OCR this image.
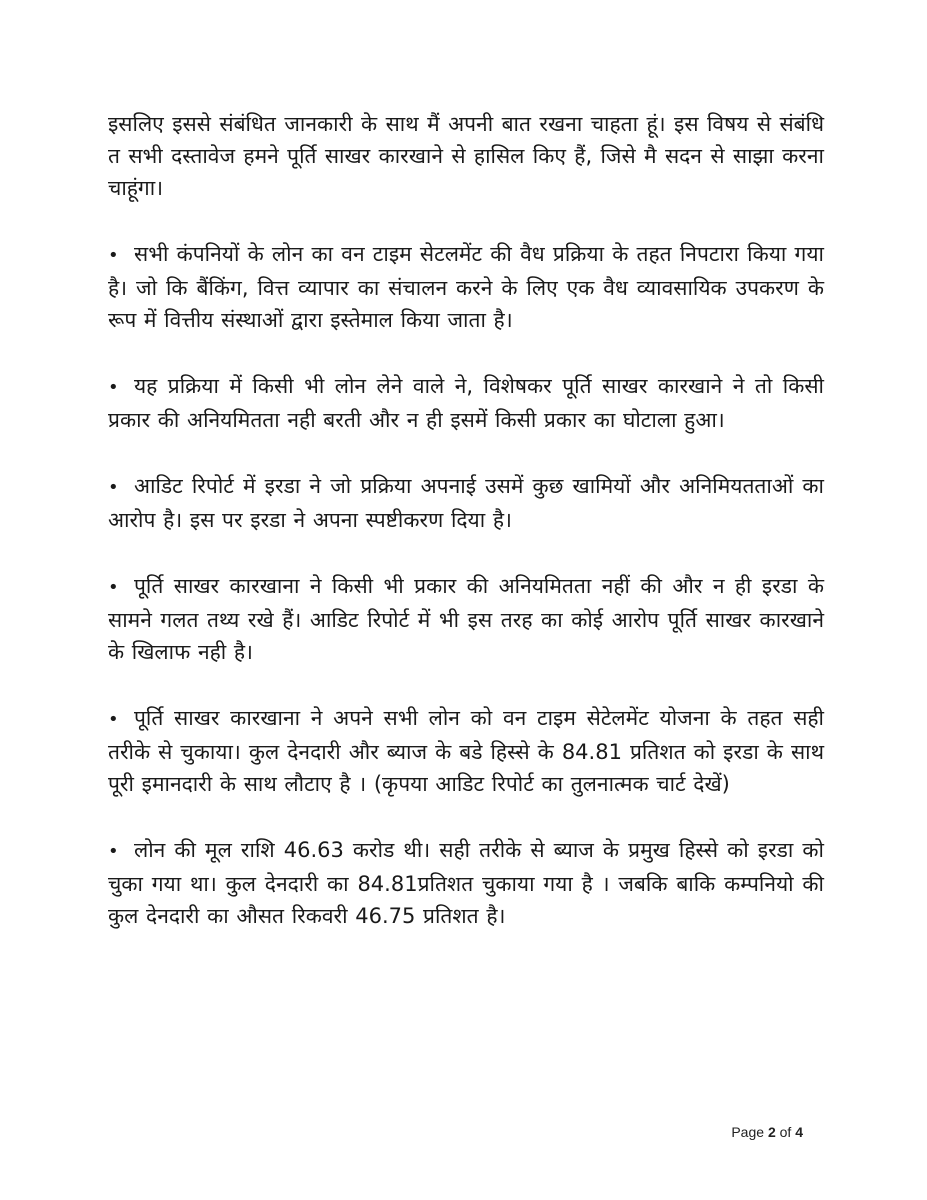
इसलिए इससे संबंधित जानकारी के साथ मैं अपनी बात रखना चाहता हूं। इस विषय से संबंधि त सभी दस्तावेज हमने पूर्ति साखर कारखाने से हासिल किए हैं, जिसे मै सदन से साझा करना चाहूंगा।

• सभी कंपनियों के लोन का वन टाइम सेटलमेंट की वैध प्रक्रिया के तहत निपटारा किया गया है। जो कि बैंकिंग, वित्त व्यापार का संचालन करने के लिए एक वैध व्यावसायिक उपकरण के रूप में वित्तीय संस्थाओं द्वारा इस्तेमाल किया जाता है।

• यह प्रक्रिया में किसी भी लोन लेने वाले ने, विशेषकर पूर्ति साखर कारखाने ने तो किसी प्रकार की अनियमितता नही बरती और न ही इसमें किसी प्रकार का घोटाला हुआ।

• आडिट रिपोर्ट में इरडा ने जो प्रक्रिया अपनाई उसमें कुछ खामियों और अनिमियतताओं का आरोप है। इस पर इरडा ने अपना स्पष्टीकरण दिया है।

• पूर्ति साखर कारखाना ने किसी भी प्रकार की अनियमितता नहीं की और न ही इरडा के सामने गलत तथ्य रखे हैं। आडिट रिपोर्ट में भी इस तरह का कोई आरोप पूर्ति साखर कारखाने के खिलाफ नही है।

• पूर्ति साखर कारखाना ने अपने सभी लोन को वन टाइम सेटेलमेंट योजना के तहत सही तरीके से चुकाया। कुल देनदारी और ब्याज के बडे हिस्से के 84.81 प्रतिशत को इरडा के साथ पूरी इमानदारी के साथ लौटाए है । (कृपया आडिट रिपोर्ट का तुलनात्मक चार्ट देखें)

• लोन की मूल राशि 46.63 करोड थी। सही तरीके से ब्याज के प्रमुख हिस्से को इरडा को चुका गया था। कुल देनदारी का 84.81प्रतिशत चुकाया गया है । जबकि बाकि कम्पनियो की कुल देनदारी का औसत रिकवरी 46.75 प्रतिशत है।

Page 2 of 4
